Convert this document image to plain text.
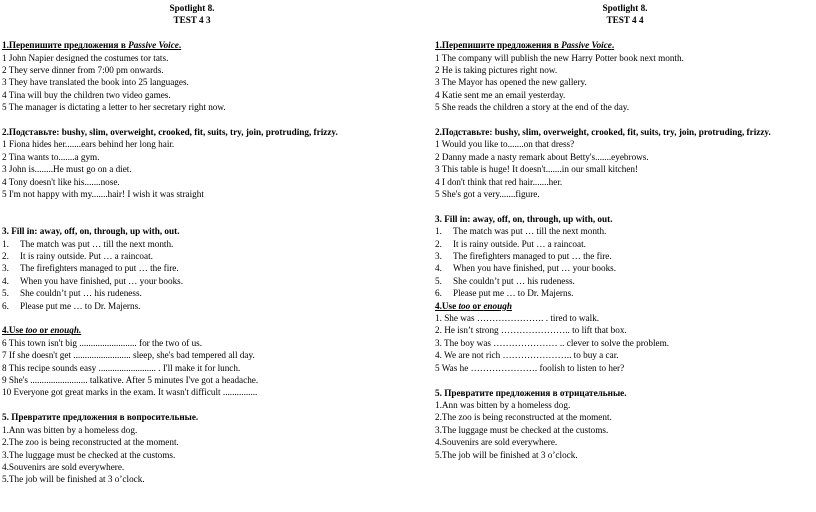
Spotlight 8.
TEST 4 3
1.Перепишите предложения в Passive Voice.
1 John Napier designed the costumes tor tats.
2 They serve dinner from 7:00 pm onwards.
3 They have translated the book into 25 languages.
4 Tina will buy the children two video games.
5 The manager is dictating a letter to her secretary right now.
2.Подставьте: bushy, slim, overweight, crooked, fit, suits, try, join, protruding, frizzy.
1 Fiona hides her.......ears behind her long hair.
2 Tina wants to.......a gym.
3 John is........He must go on a diet.
4 Tony doesn't like his.......nose.
5 I'm not happy with my.......hair! I wish it was straight
3. Fill in: away, off, on, through, up with, out.
1. The match was put … till the next month.
2. It is rainy outside. Put … a raincoat.
3. The firefighters managed to put … the fire.
4. When you have finished, put … your books.
5. She couldn’t put … his rudeness.
6. Please put me … to Dr. Majerns.
4.Use too or enough.
6 This town isn't big ......................... for the two of us.
7 If she doesn't get ......................... sleep, she's bad tempered all day.
8 This recipe sounds easy ......................... . I'll make it for lunch.
9 She's ......................... talkative. After 5 minutes I've got a headache.
10 Everyone got great marks in the exam. It wasn't difficult ...............
5. Превратите предложения в вопросительные.
1.Ann was bitten by a homeless dog.
2.The zoo is being reconstructed at the moment.
3.The luggage must be checked at the customs.
4.Souvenirs are sold everywhere.
5.The job will be finished at 3 o’clock.
Spotlight 8.
TEST 4 4
1.Перепишите предложения в Passive Voice.
1 The company will publish the new Harry Potter book next month.
2 He is taking pictures right now.
3 The Mayor has opened the new gallery.
4 Katie sent me an email yesterday.
5 She reads the children a story at the end of the day.
2.Подставьте: bushy, slim, overweight, crooked, fit, suits, try, join, protruding, frizzy.
1 Would you like to.......on that dress?
2 Danny made a nasty remark about Betty's.......eyebrows.
3 This table is huge! It doesn't.......in our small kitchen!
4 I don't think that red hair.......her.
5 She's got a very.......figure.
3. Fill in: away, off, on, through, up with, out.
1. The match was put … till the next month.
2. It is rainy outside. Put … a raincoat.
3. The firefighters managed to put … the fire.
4. When you have finished, put … your books.
5. She couldn’t put … his rudeness.
6. Please put me … to Dr. Majerns.
4.Use too or enough
1. She was …………………. . tired to walk.
2. He isn’t strong ………………….. to lift that box.
3. The boy was ………………… .. clever to solve the problem.
4. We are not rich ………………….. to buy a car.
5 Was he …………………. foolish to listen to her?
5. Превратите предложения в отрицательные.
1.Ann was bitten by a homeless dog.
2.The zoo is being reconstructed at the moment.
3.The luggage must be checked at the customs.
4.Souvenirs are sold everywhere.
5.The job will be finished at 3 o’clock.
